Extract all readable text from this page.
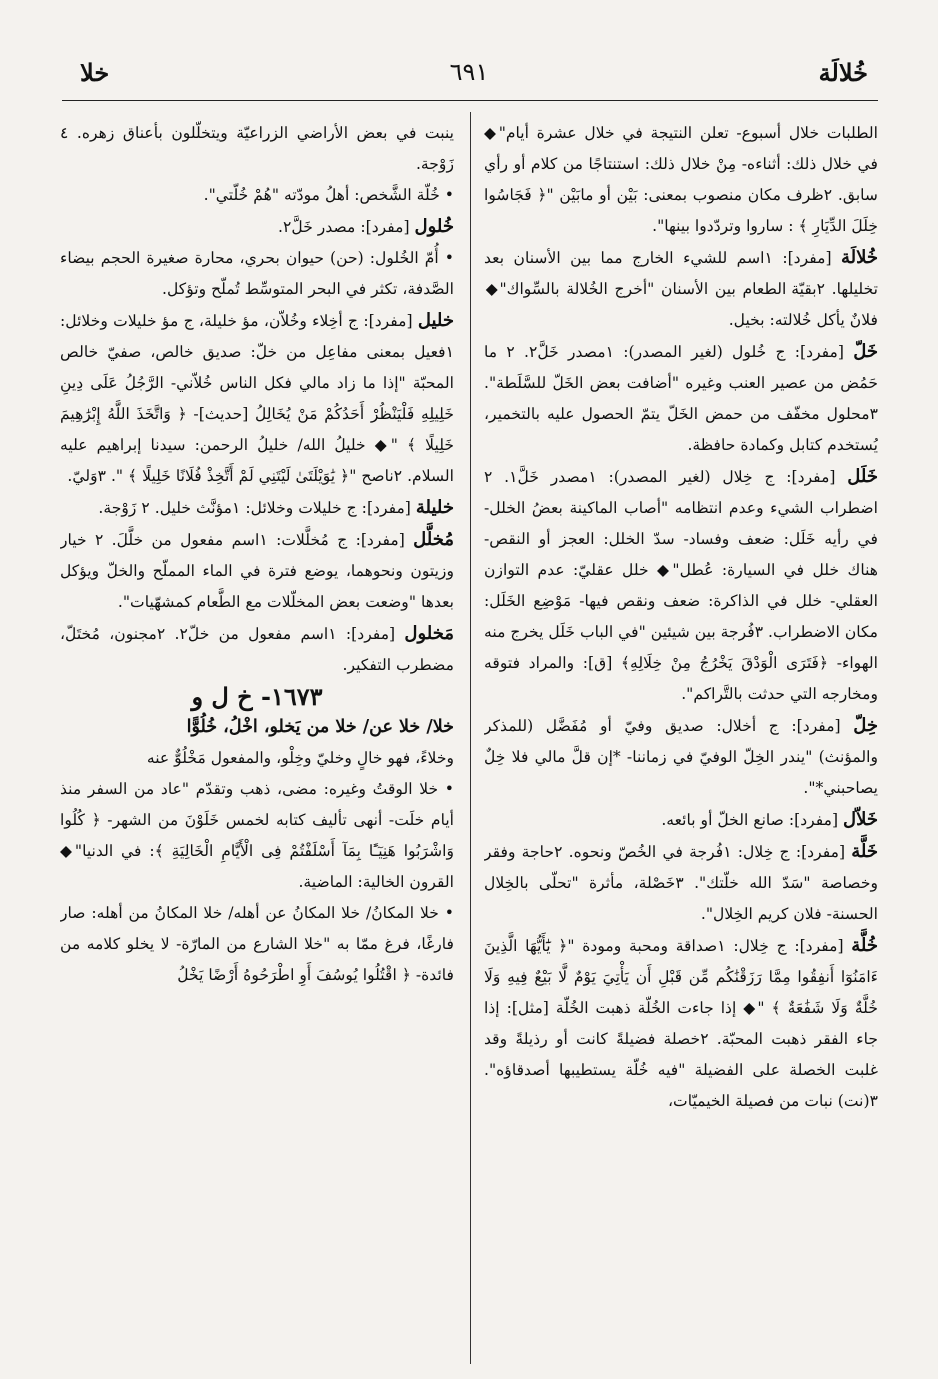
خلا	٦٩١	خُلالَة

الطلبات خلال أسبوع- تعلن النتيجة في خلال عشرة أيام"◆ في خلال ذلك: أثناءه- مِنْ خلال ذلك: استنتاجًا من كلام أو رأي سابق. ٢ظرف مكان منصوب بمعنى: بَيْن أو مابَيْن "﴿ فَجَاسُوا خِلَلَ الدِّيَارِ ﴾ : ساروا وتردّدوا بينها".

خُلالَة [مفرد]: ١اسم للشيء الخارج مما بين الأسنان بعد تخليلها. ٢بقيّة الطعام بين الأسنان "أخرج الخُلالة بالسِّواك"◆ فلانٌ يأكل خُلالته: بخيل.

خَلّ [مفرد]: ج خُلول (لغير المصدر): ١مصدر خَلَّ٢. ٢ ما حَمُض من عصير العنب وغيره "أضافت بعض الخَلّ للسَّلَطة". ٣محلول مخفّف من حمض الخَلّ يتمّ الحصول عليه بالتخمير، يُستخدم كتابل وكمادة حافظة.

خَلَل [مفرد]: ج خِلال (لغير المصدر): ١مصدر خَلَّ١. ٢ اضطراب الشيء وعدم انتظامه "أصاب الماكينة بعضُ الخلل- في رأيه خَلَل: ضعف وفساد- سدّ الخلل: العجز أو النقص- هناك خلل في السيارة: عُطل"◆ خلل عقليّ: عدم التوازن العقلي- خلل في الذاكرة: ضعف ونقص فيها- مَوْضِع الخَلَل: مكان الاضطراب. ٣فُرجة بين شيئين "في الباب خَلَل يخرج منه الهواء- ﴿فَتَرَى الْوَدْقَ يَخْرُجُ مِنْ خِلَالِهِ﴾ [ق]: والمراد فتوقه ومخارجه التي حدثت بالتَّراكم".

خِلّ [مفرد]: ج أخلال: صديق وفيّ أو مُفَضَّل (للمذكر والمؤنث) "يندر الخِلّ الوفيّ في زماننا- *إن قلَّ مالي فلا خِلٌ يصاحبني*".

خَلاّل [مفرد]: صانع الخلّ أو بائعه.

خَلَّة [مفرد]: ج خِلال: ١فُرجة في الخُصّ ونحوه. ٢حاجة وفقر وخصاصة "سَدّ الله خلّتك". ٣خَصْلة، مأثرة "تحلّى بالخِلال الحسنة- فلان كريم الخِلال".

خُلَّة [مفرد]: ج خِلال: ١صداقة ومحبة ومودة "﴿ يَٰٓأَيُّهَا الَّذِينَ ءَامَنُوٓا أَنفِقُوا مِمَّا رَزَقْنَٰكُم مِّن قَبْلِ أَن يَأْتِيَ يَوْمٌ لَّا بَيْعٌ فِيهِ وَلَا خُلَّةٌ وَلَا شَفَٰعَةٌ ﴾ "◆ إذا جاءت الخُلّة ذهبت الخُلّة [مثل]: إذا جاء الفقر ذهبت المحبّة. ٢خصلة فضيلةً كانت أو رذيلةً وقد غلبت الخصلة على الفضيلة "فيه خُلّة يستطيبها أصدقاؤه". ٣(نت) نبات من فصيلة الخيميّات،

ينبت في بعض الأراضي الزراعيّة ويتخلّلون بأعناق زهره. ٤ زَوْجة.

• خُلّة الشَّخص: أهلُ مودّته "هُمْ خُلّتي".

خُلول [مفرد]: مصدر خَلَّ٢.

• أُمّ الخُلول: (حن) حيوان بحري، محارة صغيرة الحجم بيضاء الصَّدفة، تكثر في البحر المتوسِّط تُملّح وتؤكل.

خليل [مفرد]: ج أخِلاء وخُلاّن، مؤ خليلة، ج مؤ خليلات وخلائل: ١فعيل بمعنى مفاعِل من خلّ: صديق خالص، صفيّ خالص المحبّة "إذا ما زاد مالي فكل الناس خُلاّني- الرَّجُلُ عَلَى دِينِ خَلِيلِهِ فَلْيَنْظُرْ أَحَدُكُمْ مَنْ يُخَالِلُ [حديث]- ﴿ وَاتَّخَذَ اللَّهُ إِبْرَٰهِيمَ خَلِيلًا ﴾ "◆ خليلُ الله/ خليلُ الرحمن: سيدنا إبراهيم عليه السلام. ٢ناصح "﴿ يَٰوَيْلَتَىٰ لَيْتَنِي لَمْ أَتَّخِذْ فُلَانًا خَلِيلًا ﴾ ". ٣وَليّ.

خليلة [مفرد]: ج خليلات وخلائل: ١مؤنَّث خليل. ٢ زَوْجة.

مُخلَّل [مفرد]: ج مُخلَّلات: ١اسم مفعول من خلَّلَ. ٢ خيار وزيتون ونحوهما، يوضع فترة في الماء المملّح والخلّ ويؤكل بعدها "وضعت بعض المخلّلات مع الطَّعام كمشهّيات".

مَخلول [مفرد]: ١اسم مفعول من خلّ٢. ٢مجنون، مُختَلّ، مضطرب التفكير.

١٦٧٣- خ ل و

خلا/ خلا عن/ خلا من يَخلو، اخْلُ، خُلُوًّا

وخلاءً، فهو خالٍ وخليّ وخِلْو، والمفعول مَخْلُوٌّ عنه

• خلا الوقتُ وغيره: مضى، ذهب وتقدّم "عاد من السفر منذ أيام خلَت- أنهى تأليف كتابه لخمس خَلَوْنَ من الشهر- ﴿ كُلُوا وَاشْرَبُوا هَنِيٓـًٔا بِمَآ أَسْلَفْتُمْ فِى الْأَيَّامِ الْخَالِيَةِ ﴾: في الدنيا"◆ القرون الخالية: الماضية.

• خلا المكانُ/ خلا المكانُ عن أهله/ خلا المكانُ من أهله: صار فارغًا، فرغ ممّا به "خلا الشارع من المارّة- لا يخلو كلامه من فائدة- ﴿ اقْتُلُوا يُوسُفَ أَوِ اطْرَحُوهُ أَرْضًا يَخْلُ
